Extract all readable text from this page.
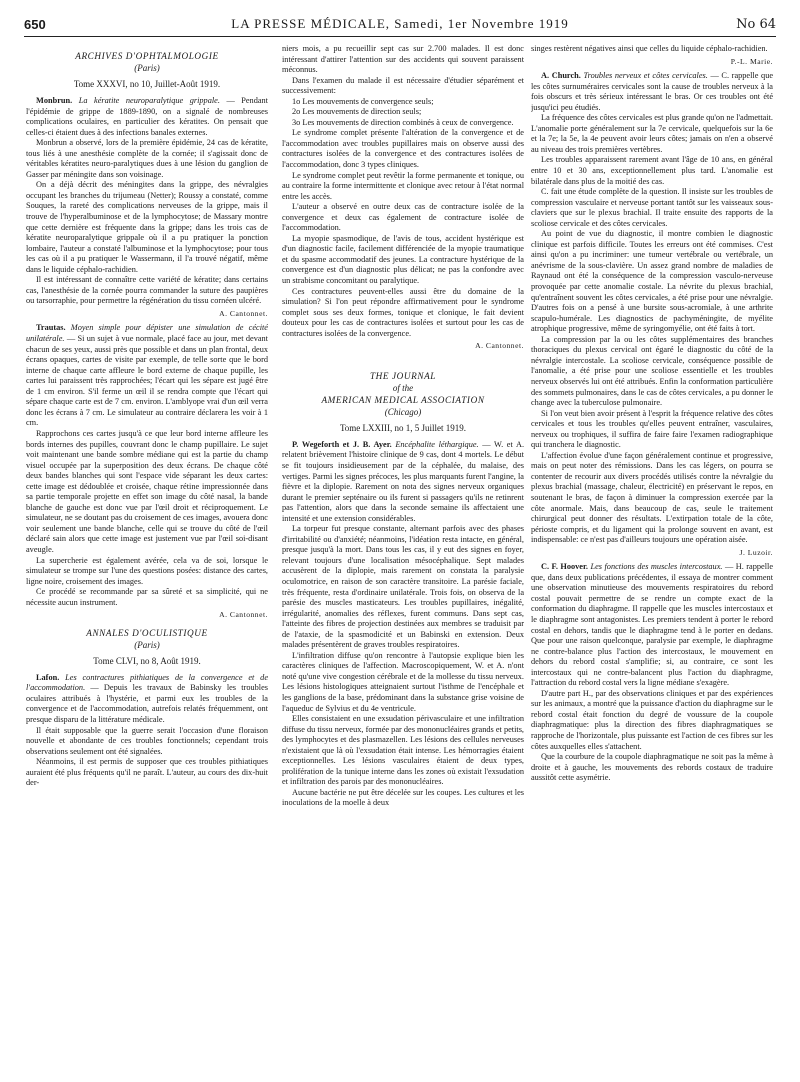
650	LA PRESSE MÉDICALE, Samedi, 1er Novembre 1919	No 64
ARCHIVES D'OPHTALMOLOGIE
(Paris)
Tome XXXVI, no 10, Juillet-Août 1919.

Monbrun. La kératite neuroparalytique grippale. — Pendant l'épidémie de grippe de 1889-1890, on a signalé de nombreuses complications oculaires, en particulier des kératites. On pensait que celles-ci étaient dues à des infections banales externes.

Monbrun a observé, lors de la première épidémie, 24 cas de kératite, tous liés à une anesthésie complète de la cornée; il s'agissait donc de véritables kératites neuro-paralytiques dues à une lésion du ganglion de Gasser par méningite dans son voisinage.

On a déjà décrit des méningites dans la grippe, des névralgies occupant les branches du trijumeau (Netter); Roussy a constaté, comme Souques, la rareté des complications nerveuses de la grippe, mais il trouve de l'hyperalbuminose et de la lymphocytose; de Massary montre que cette dernière est fréquente dans la grippe; dans les trois cas de kératite neuroparalytique grippale où il a pu pratiquer la ponction lombaire, l'auteur a constaté l'albuminose et la lymphocytose; pour tous les cas où il a pu pratiquer le Wassermann, il l'a trouvé négatif, même dans le liquide céphalo-rachidien.

Il est intéressant de connaître cette variété de kératite; dans certains cas, l'anesthésie de la cornée pourra commander la suture des paupières ou tarsorraphie, pour permettre la régénération du tissu cornéen ulcéré.

A. Cantonnet.

Trautas. Moyen simple pour dépister une simulation de cécité unilatérale. — Si un sujet à vue normale, placé face au jour, met devant chacun de ses yeux, aussi près que possible et dans un plan frontal, deux écrans opaques, cartes de visite par exemple, de telle sorte que le bord interne de chaque carte affleure le bord externe de chaque pupille, les cartes lui paraissent très rapprochées; l'écart qui les sépare est jugé être de 1 cm environ. S'il ferme un œil il se rendra compte que l'écart qui sépare chaque carte est de 7 cm. environ. L'amblyope vrai d'un œil verra donc les écrans à 7 cm. Le simulateur au contraire déclarera les voir à 1 cm.

Rapprochons ces cartes jusqu'à ce que leur bord interne affleure les bords internes des pupilles, couvrant donc le champ pupillaire. Le sujet voit maintenant une bande sombre médiane qui est la partie du champ visuel occupée par la superposition des deux écrans. De chaque côté deux bandes blanches qui sont l'espace vide séparant les deux cartes: cette image est dédoublée et croisée, chaque rétine impressionnée dans sa partie temporale projette en effet son image du côté nasal, la bande blanche de gauche est donc vue par l'œil droit et réciproquement. Le simulateur, ne se doutant pas du croisement de ces images, avouera donc voir seulement une bande blanche, celle qui se trouve du côté de l'œil déclaré sain alors que cette image est justement vue par l'œil soi-disant aveugle.

La supercherie est également avérée, cela va de soi, lorsque le simulateur se trompe sur l'une des questions posées: distance des cartes, ligne noire, croisement des images.

Ce procédé se recommande par sa sûreté et sa simplicité, qui ne nécessite aucun instrument.

A. Cantonnet.
ANNALES D'OCULISTIQUE
(Paris)
Tome CLVI, no 8, Août 1919.

Lafon. Les contractures pithiatiques de la convergence et de l'accommodation. — Depuis les travaux de Babinsky les troubles oculaires attribués à l'hystérie, et parmi eux les troubles de la convergence et de l'accommodation, autrefois relatés fréquemment, ont presque disparu de la littérature médicale.

Il était supposable que la guerre serait l'occasion d'une floraison nouvelle et abondante de ces troubles fonctionnels; cependant trois observations seulement ont été signalées.

Néanmoins, il est permis de supposer que ces troubles pithiatiques auraient été plus fréquents qu'il ne paraît. L'auteur, au cours des dix-huit der-

niers mois, a pu recueillir sept cas sur 2.700 malades. Il est donc intéressant d'attirer l'attention sur des accidents qui souvent paraissent méconnus.

Dans l'examen du malade il est nécessaire d'étudier séparément et successivement:

1o Les mouvements de convergence seuls;

2o Les mouvements de direction seuls;

3o Les mouvements de direction combinés à ceux de convergence.

Le syndrome complet présente l'altération de la convergence et de l'accommodation avec troubles pupillaires mais on observe aussi des contractures isolées de la convergence et des contractures isolées de l'accommodation, donc 3 types cliniques.

Le syndrome complet peut revêtir la forme permanente et tonique, ou au contraire la forme intermittente et clonique avec retour à l'état normal entre les accès.

L'auteur a observé en outre deux cas de contracture isolée de la convergence et deux cas également de contracture isolée de l'accommodation.

La myopie spasmodique, de l'avis de tous, accident hystérique est d'un diagnostic facile, facilement différenciée de la myopie traumatique et du spasme accommodatif des jeunes. La contracture hystérique de la convergence est d'un diagnostic plus délicat; ne pas la confondre avec un strabisme concomitant ou paralytique.

Ces contractures peuvent-elles aussi être du domaine de la simulation? Si l'on peut répondre affirmativement pour le syndrome complet sous ses deux formes, tonique et clonique, le fait devient douteux pour les cas de contractures isolées et surtout pour les cas de contractures isolées de la convergence.

A. Cantonnet.
THE JOURNAL
of the
AMERICAN MEDICAL ASSOCIATION
(Chicago)
Tome LXXIII, no 1, 5 Juillet 1919.

P. Wegeforth et J. B. Ayer. Encéphalite léthargique. — W. et A. relatent brièvement l'histoire clinique de 9 cas, dont 4 mortels. Le début se fit toujours insidieusement par de la céphalée, du malaise, des vertiges. Parmi les signes précoces, les plus marquants furent l'angine, la fièvre et la diplopie. Rarement on nota des signes nerveux organiques durant le premier septénaire ou ils furent si passagers qu'ils ne retinrent pas l'attention, alors que dans la seconde semaine ils affectaient une intensité et une extension considérables.

La torpeur fut presque constante, alternant parfois avec des phases d'irritabilité ou d'anxiété; néanmoins, l'idéation resta intacte, en général, presque jusqu'à la mort. Dans tous les cas, il y eut des signes en foyer, relevant toujours d'une localisation mésocéphalique. Sept malades accusèrent de la diplopie, mais rarement on constata la paralysie oculomotrice, en raison de son caractère transitoire. La parésie faciale, très fréquente, resta d'ordinaire unilatérale. Trois fois, on observa de la parésie des muscles masticateurs. Les troubles pupillaires, inégalité, irrégularité, anomalies des réflexes, furent communs. Dans sept cas, l'atteinte des fibres de projection destinées aux membres se traduisit par de l'ataxie, de la spasmodicité et un Babinski en extension. Deux malades présentèrent de graves troubles respiratoires.

L'infiltration diffuse qu'on rencontre à l'autopsie explique bien les caractères cliniques de l'affection. Macroscopiquement, W. et A. n'ont noté qu'une vive congestion cérébrale et de la mollesse du tissu nerveux. Les lésions histologiques atteignaient surtout l'isthme de l'encéphale et les ganglions de la base, prédominant dans la substance grise voisine de l'aqueduc de Sylvius et du 4e ventricule.

Elles consistaient en une exsudation périvasculaire et une infiltration diffuse du tissu nerveux, formée par des mononucléaires grands et petits, des lymphocytes et des plasmazellen. Les lésions des cellules nerveuses n'existaient que là où l'exsudation était intense. Les hémorragies étaient exceptionnelles. Les lésions vasculaires étaient de deux types, prolifération de la tunique interne dans les zones où existait l'exsudation et infiltration des parois par des mononucléaires.

Aucune bactérie ne put être décelée sur les coupes. Les cultures et les inoculations de la moelle à deux

singes restèrent négatives ainsi que celles du liquide céphalo-rachidien.

P.-L. Marie.

A. Church. Troubles nerveux et côtes cervicales. — C. rappelle que les côtes surnuméraires cervicales sont la cause de troubles nerveux à la fois obscurs et très sérieux intéressant le bras. Or ces troubles ont été jusqu'ici peu étudiés.

La fréquence des côtes cervicales est plus grande qu'on ne l'admettait. L'anomalie porte généralement sur la 7e cervicale, quelquefois sur la 6e et la 7e; la 5e, la 4e peuvent avoir leurs côtes; jamais on n'en a observé au niveau des trois premières vertèbres.

Les troubles apparaissent rarement avant l'âge de 10 ans, en général entre 10 et 30 ans, exceptionnellement plus tard. L'anomalie est bilatérale dans plus de la moitié des cas.

C. fait une étude complète de la question. Il insiste sur les troubles de compression vasculaire et nerveuse portant tantôt sur les vaisseaux sous-claviers que sur le plexus brachial. Il traite ensuite des rapports de la scoliose cervicale et des côtes cervicales.

Au point de vue du diagnostic, il montre combien le diagnostic clinique est parfois difficile. Toutes les erreurs ont été commises. C'est ainsi qu'on a pu incriminer: une tumeur vertébrale ou vertébrale, un anévrisme de la sous-clavière. Un assez grand nombre de maladies de Raynaud ont été la conséquence de la compression vasculo-nerveuse provoquée par cette anomalie costale. La névrite du plexus brachial, qu'entraînent souvent les côtes cervicales, a été prise pour une névralgie. D'autres fois on a pensé à une bursite sous-acromiale, à une arthrite scapulo-humérale. Les diagnostics de pachyméningite, de myélite atrophique progressive, même de syringomyélie, ont été faits à tort.

La compression par la ou les côtes supplémentaires des branches thoraciques du plexus cervical ont égaré le diagnostic du côté de la névralgie intercostale. La scoliose cervicale, conséquence possible de l'anomalie, a été prise pour une scoliose essentielle et les troubles nerveux observés lui ont été attribués. Enfin la conformation particulière des sommets pulmonaires, dans le cas de côtes cervicales, a pu donner le change avec la tuberculose pulmonaire.

Si l'on veut bien avoir présent à l'esprit la fréquence relative des côtes cervicales et tous les troubles qu'elles peuvent entraîner, vasculaires, nerveux ou trophiques, il suffira de faire faire l'examen radiographique qui tranchera le diagnostic.

L'affection évolue d'une façon généralement continue et progressive, mais on peut noter des rémissions. Dans les cas légers, on pourra se contenter de recourir aux divers procédés utilisés contre la névralgie du plexus brachial (massage, chaleur, électricité) en préservant le repos, en soutenant le bras, de façon à diminuer la compression exercée par la côte anormale. Mais, dans beaucoup de cas, seule le traitement chirurgical peut donner des résultats. L'extirpation totale de la côte, périoste compris, et du ligament qui la prolonge souvent en avant, est indispensable: ce n'est pas d'ailleurs toujours une opération aisée.

J. Luzoir.

C. F. Hoover. Les fonctions des muscles intercostaux. — H. rappelle que, dans deux publications précédentes, il essaya de montrer comment une observation minutieuse des mouvements respiratoires du rebord costal pouvait permettre de se rendre un compte exact de la conformation du diaphragme. Il rappelle que les muscles intercostaux et le diaphragme sont antagonistes. Les premiers tendent à porter le rebord costal en dehors, tandis que le diaphragme tend à le porter en dedans. Que pour une raison quelconque, paralysie par exemple, le diaphragme ne contre-balance plus l'action des intercostaux, le mouvement en dehors du rebord costal s'amplifie; si, au contraire, ce sont les intercostaux qui ne contre-balancent plus l'action du diaphragme, l'attraction du rebord costal vers la ligne médiane s'exagère.

D'autre part H., par des observations cliniques et par des expériences sur les animaux, a montré que la puissance d'action du diaphragme sur le rebord costal était fonction du degré de voussure de la coupole diaphragmatique: plus la direction des fibres diaphragmatiques se rapproche de l'horizontale, plus puissante est l'action de ces fibres sur les côtes auxquelles elles s'attachent.

Que la courbure de la coupole diaphragmatique ne soit pas la même à droite et à gauche, les mouvements des rebords costaux de traduire aussitôt cette asymétrie.
